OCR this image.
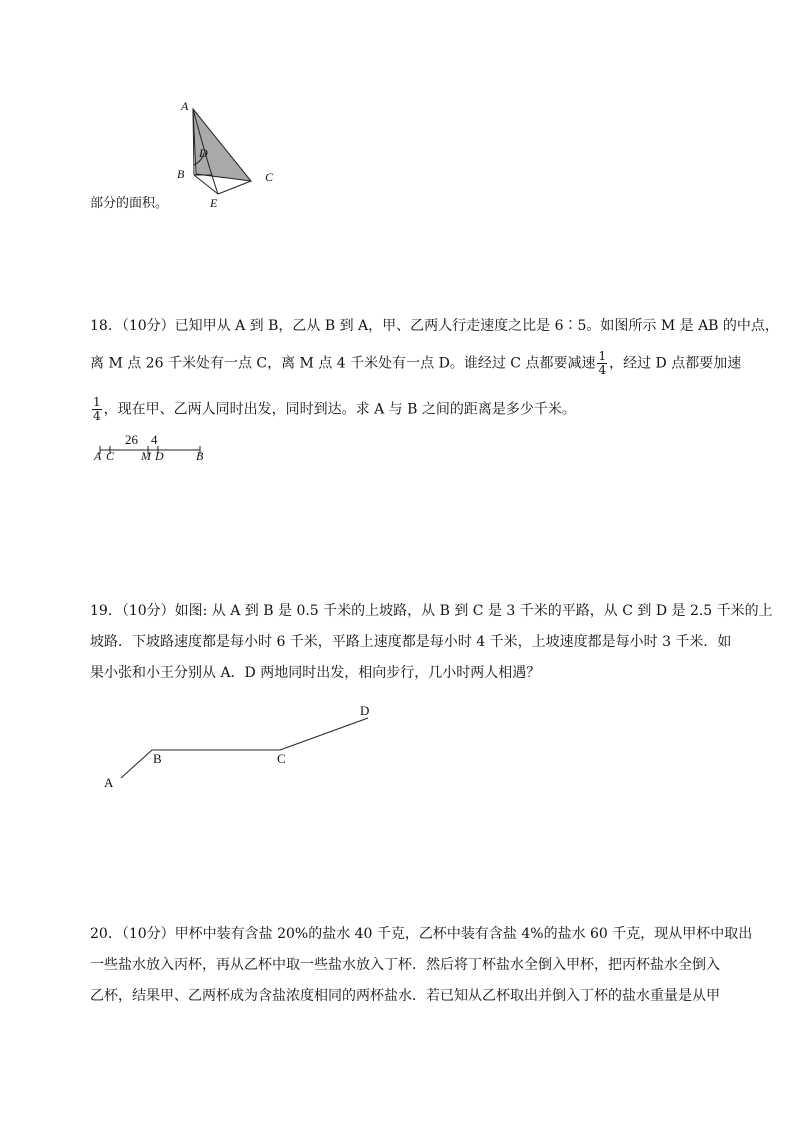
A
D
B	C
E
部分的面积。
18．（10分）已知甲从 A 到 B，乙从 B 到 A，甲、乙两人行走速度之比是 6∶5。如图所示 M 是 AB 的中点，
离 M 点 26 千米处有一点 C，离 M 点 4 千米处有一点 D。谁经过 C 点都要减速 $\frac{1}{4}$ ，经过 D 点都要加速
$\frac{1}{4}$ ，现在甲、乙两人同时出发，同时到达。求 A 与 B 之间的距离是多少千米。
26 4
A C M D	B
19．（10分）如图: 从 A 到 B 是 0.5 千米的上坡路，从 B 到 C 是 3 千米的平路，从 C 到 D 是 2.5 千米的上
坡路．下坡路速度都是每小时 6 千米，平路上速度都是每小时 4 千米，上坡速度都是每小时 3 千米．如
果小张和小王分别从 A．D 两地同时出发，相向步行，几小时两人相遇？
A
B	C
D
20．（10分）甲杯中装有含盐 20%的盐水 40 千克，乙杯中装有含盐 4%的盐水 60 千克，现从甲杯中取出
一些盐水放入丙杯，再从乙杯中取一些盐水放入丁杯．然后将丁杯盐水全倒入甲杯，把丙杯盐水全倒入
乙杯，结果甲、乙两杯成为含盐浓度相同的两杯盐水．若已知从乙杯取出并倒入丁杯的盐水重量是从甲
